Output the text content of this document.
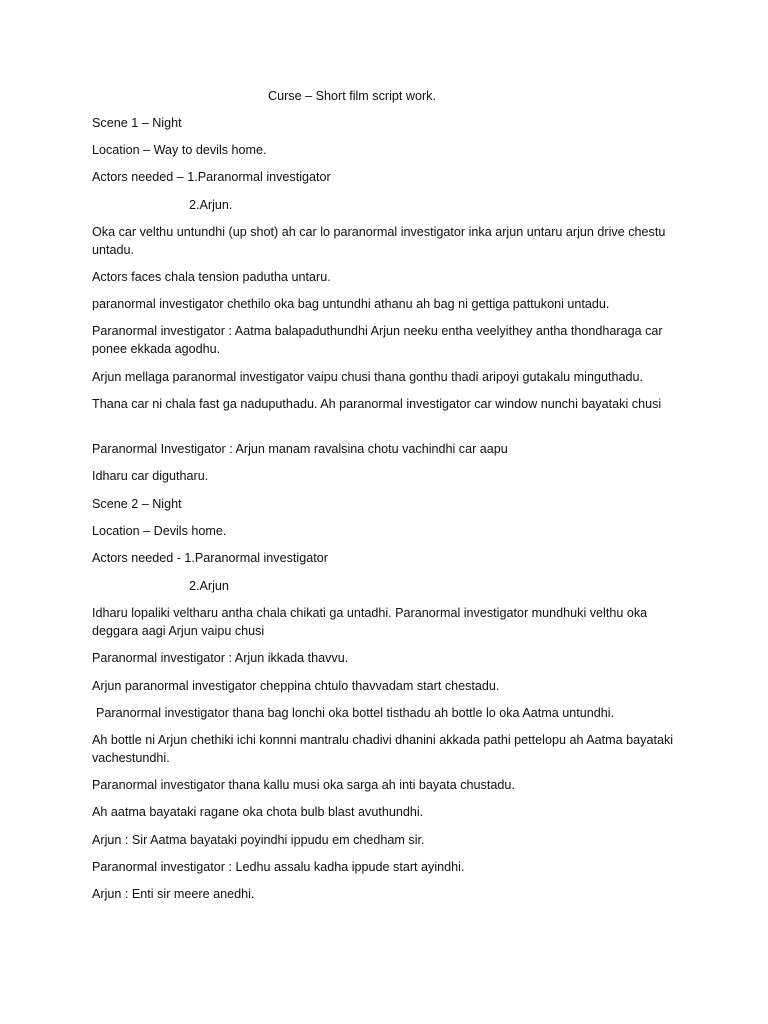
Curse – Short film script work.

Scene 1 – Night

Location – Way to devils home.

Actors needed – 1.Paranormal investigator

2.Arjun.

Oka car velthu untundhi (up shot) ah car lo paranormal investigator inka arjun untaru arjun drive chestu untadu.

Actors faces chala tension padutha untaru.

paranormal investigator chethilo oka bag untundhi athanu ah bag ni gettiga pattukoni untadu.

Paranormal investigator : Aatma balapaduthundhi Arjun neeku entha veelyithey antha thondharaga car ponee ekkada agodhu.

Arjun mellaga paranormal investigator vaipu chusi thana gonthu thadi aripoyi gutakalu minguthadu.

Thana car ni chala fast ga naduputhadu. Ah paranormal investigator car window nunchi bayataki chusi

Paranormal Investigator : Arjun manam ravalsina chotu vachindhi car aapu

Idharu car digutharu.

Scene 2 – Night

Location – Devils home.

Actors needed - 1.Paranormal investigator

2.Arjun

Idharu lopaliki veltharu antha chala chikati ga untadhi. Paranormal investigator mundhuki velthu oka deggara aagi Arjun vaipu chusi

Paranormal investigator : Arjun ikkada thavvu.

Arjun paranormal investigator cheppina chtulo thavvadam start chestadu.

Paranormal investigator thana bag lonchi oka bottel tisthadu ah bottle lo oka Aatma untundhi.

Ah bottle ni Arjun chethiki ichi konnni mantralu chadivi dhanini akkada pathi pettelopu ah Aatma bayataki vachestundhi.

Paranormal investigator thana kallu musi oka sarga ah inti bayata chustadu.

Ah aatma bayataki ragane oka chota bulb blast avuthundhi.

Arjun : Sir Aatma bayataki poyindhi ippudu em chedham sir.

Paranormal investigator : Ledhu assalu kadha ippude start ayindhi.

Arjun : Enti sir meere anedhi.
